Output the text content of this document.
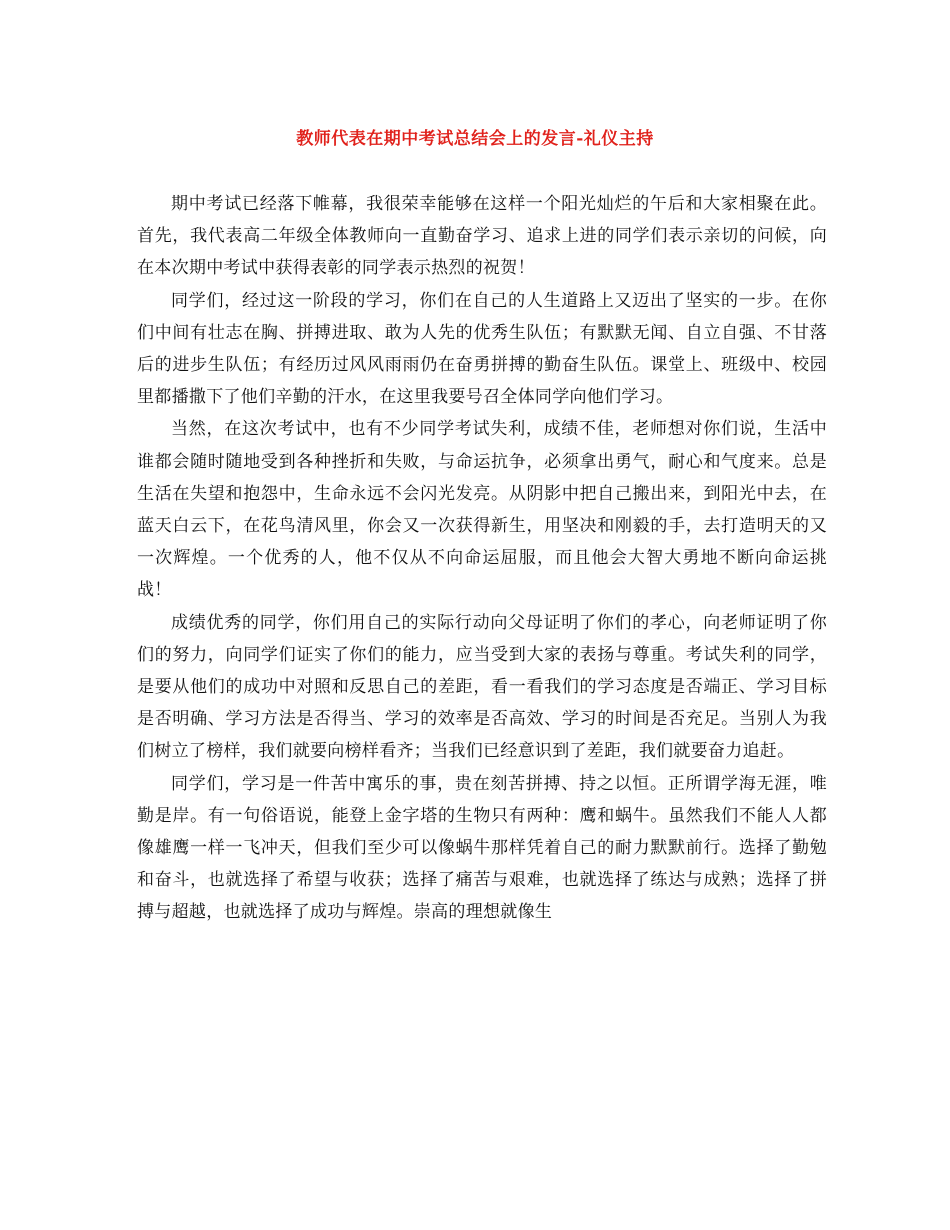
教师代表在期中考试总结会上的发言-礼仪主持

期中考试已经落下帷幕，我很荣幸能够在这样一个阳光灿烂的午后和大家相聚在此。首先，我代表高二年级全体教师向一直勤奋学习、追求上进的同学们表示亲切的问候，向在本次期中考试中获得表彰的同学表示热烈的祝贺！

同学们，经过这一阶段的学习，你们在自己的人生道路上又迈出了坚实的一步。在你们中间有壮志在胸、拼搏进取、敢为人先的优秀生队伍；有默默无闻、自立自强、不甘落后的进步生队伍；有经历过风风雨雨仍在奋勇拼搏的勤奋生队伍。课堂上、班级中、校园里都播撒下了他们辛勤的汗水，在这里我要号召全体同学向他们学习。

当然，在这次考试中，也有不少同学考试失利，成绩不佳，老师想对你们说，生活中谁都会随时随地受到各种挫折和失败，与命运抗争，必须拿出勇气，耐心和气度来。总是生活在失望和抱怨中，生命永远不会闪光发亮。从阴影中把自己搬出来，到阳光中去，在蓝天白云下，在花鸟清风里，你会又一次获得新生，用坚决和刚毅的手，去打造明天的又一次辉煌。一个优秀的人，他不仅从不向命运屈服，而且他会大智大勇地不断向命运挑战！

成绩优秀的同学，你们用自己的实际行动向父母证明了你们的孝心，向老师证明了你们的努力，向同学们证实了你们的能力，应当受到大家的表扬与尊重。考试失利的同学，是要从他们的成功中对照和反思自己的差距，看一看我们的学习态度是否端正、学习目标是否明确、学习方法是否得当、学习的效率是否高效、学习的时间是否充足。当别人为我们树立了榜样，我们就要向榜样看齐；当我们已经意识到了差距，我们就要奋力追赶。

同学们，学习是一件苦中寓乐的事，贵在刻苦拼搏、持之以恒。正所谓学海无涯，唯勤是岸。有一句俗语说，能登上金字塔的生物只有两种：鹰和蜗牛。虽然我们不能人人都像雄鹰一样一飞冲天，但我们至少可以像蜗牛那样凭着自己的耐力默默前行。选择了勤勉和奋斗，也就选择了希望与收获；选择了痛苦与艰难，也就选择了练达与成熟；选择了拼搏与超越，也就选择了成功与辉煌。崇高的理想就像生
